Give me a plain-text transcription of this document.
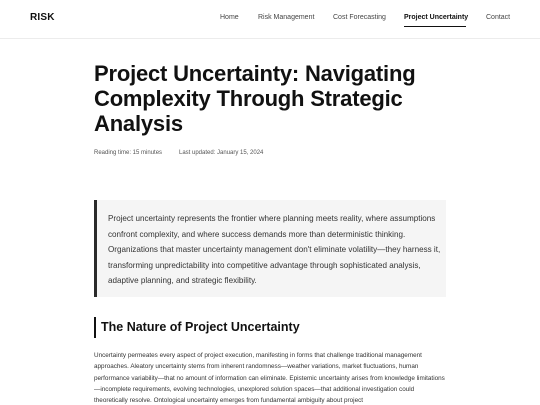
RISK	Home	Risk Management	Cost Forecasting	Project Uncertainty	Contact
Project Uncertainty: Navigating Complexity Through Strategic Analysis
Reading time: 15 minutes	Last updated: January 15, 2024

Project uncertainty represents the frontier where planning meets reality, where assumptions confront complexity, and where success demands more than deterministic thinking. Organizations that master uncertainty management don't eliminate volatility—they harness it, transforming unpredictability into competitive advantage through sophisticated analysis, adaptive planning, and strategic flexibility.

The Nature of Project Uncertainty

Uncertainty permeates every aspect of project execution, manifesting in forms that challenge traditional management approaches. Aleatory uncertainty stems from inherent randomness—weather variations, market fluctuations, human performance variability—that no amount of information can eliminate. Epistemic uncertainty arises from knowledge limitations—incomplete requirements, evolving technologies, unexplored solution spaces—that additional investigation could theoretically resolve. Ontological uncertainty emerges from fundamental ambiguity about project
